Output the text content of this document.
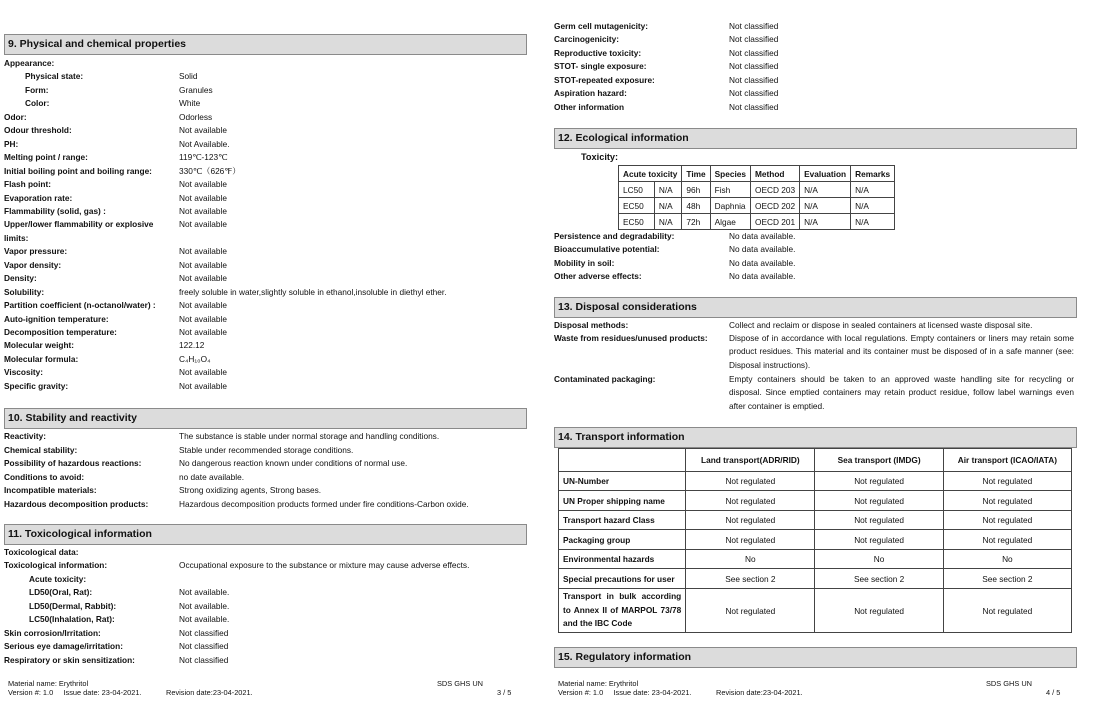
9. Physical and chemical properties
Appearance:
Physical state:	Solid
Form:	Granules
Color:	White
Odor:	Odorless
Odour threshold:	Not available
PH:	Not Available.
Melting point / range:	119℃-123℃
Initial boiling point and boiling range:	330℃（626℉）
Flash point:	Not available
Evaporation rate:	Not available
Flammability (solid, gas) :	Not available
Upper/lower flammability or explosive	Not available
limits:
Vapor pressure:	Not available
Vapor density:	Not available
Density:	Not available
Solubility:	freely soluble in water,slightly soluble in ethanol,insoluble in diethyl ether.
Partition coefficient (n-octanol/water) :	Not available
Auto-ignition temperature:	Not available
Decomposition temperature:	Not available
Molecular weight:	122.12
Molecular formula:	C₄H₁₀O₄
Viscosity:	Not available
Specific gravity:	Not available
10. Stability and reactivity
Reactivity:	The substance is stable under normal storage and handling conditions.
Chemical stability:	Stable under recommended storage conditions.
Possibility of hazardous reactions:	No dangerous reaction known under conditions of normal use.
Conditions to avoid:	no date available.
Incompatible materials:	Strong oxidizing agents, Strong bases.
Hazardous decomposition products:	Hazardous decomposition products formed under fire conditions-Carbon oxide.
11. Toxicological information
Toxicological data:
Toxicological information:	Occupational exposure to the substance or mixture may cause adverse effects.
Acute toxicity:
LD50(Oral, Rat):	Not available.
LD50(Dermal, Rabbit):	Not available.
LC50(Inhalation, Rat):	Not available.
Skin corrosion/Irritation:	Not classified
Serious eye damage/irritation:	Not classified
Respiratory or skin sensitization:	Not classified
Material name: Erythritol
Version #: 1.0     Issue date: 23-04-2021.	Revision date:23-04-2021.
SDS GHS UN
3 / 5
Germ cell mutagenicity:	Not classified
Carcinogenicity:	Not classified
Reproductive toxicity:	Not classified
STOT- single exposure:	Not classified
STOT-repeated exposure:	Not classified
Aspiration hazard:	Not classified
Other information	Not classified
12. Ecological information
Toxicity:
Acute toxicity		Time	Species	Method	Evaluation	Remarks
LC50	N/A	96h	Fish	OECD 203	N/A	N/A
EC50	N/A	48h	Daphnia	OECD 202	N/A	N/A
EC50	N/A	72h	Algae	OECD 201	N/A	N/A
Persistence and degradability:	No data available.
Bioaccumulative potential:	No data available.
Mobility in soil:	No data available.
Other adverse effects:	No data available.
13. Disposal considerations
Disposal methods:	Collect and reclaim or dispose in sealed containers at licensed waste disposal site.
Waste from residues/unused products:	Dispose of in accordance with local regulations. Empty containers or liners may retain some product residues. This material and its container must be disposed of in a safe manner (see: Disposal instructions).
Contaminated packaging:	Empty containers should be taken to an approved waste handling site for recycling or disposal. Since emptied containers may retain product residue, follow label warnings even after container is emptied.
14. Transport information
	Land transport(ADR/RID)	Sea transport (IMDG)	Air transport (ICAO/IATA)
UN-Number	Not regulated	Not regulated	Not regulated
UN Proper shipping name	Not regulated	Not regulated	Not regulated
Transport hazard Class	Not regulated	Not regulated	Not regulated
Packaging group	Not regulated	Not regulated	Not regulated
Environmental hazards	No	No	No
Special precautions for user	See section 2	See section 2	See section 2
Transport in bulk according to Annex II of MARPOL 73/78 and the IBC Code	Not regulated	Not regulated	Not regulated
15. Regulatory information
Material name: Erythritol
Version #: 1.0     Issue date: 23-04-2021.	Revision date:23-04-2021.
SDS GHS UN
4 / 5
